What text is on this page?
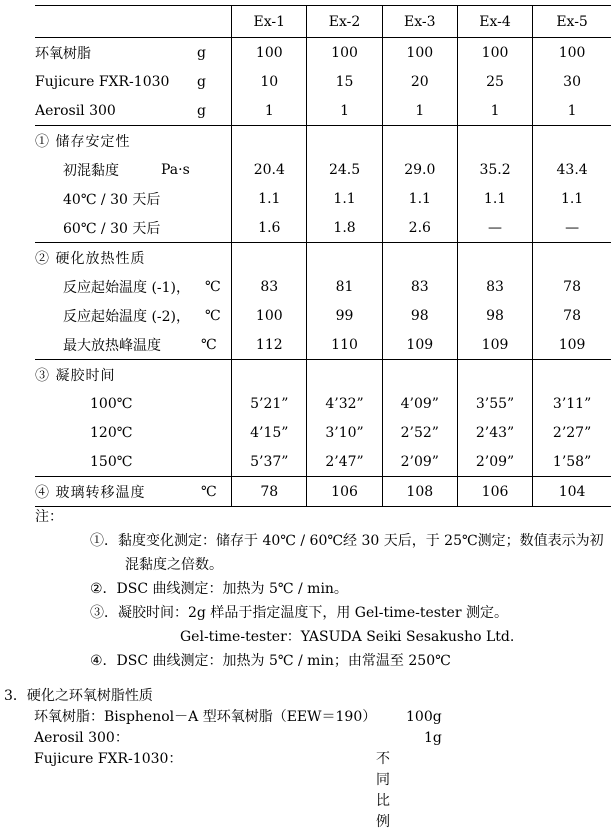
	Ex-1	Ex-2	Ex-3	Ex-4	Ex-5
环氧树脂 g	100	100	100	100	100
Fujicure FXR-1030 g	10	15	20	25	30
Aerosil 300 g	1	1	1	1	1
① 储存安定性					
初混黏度 Pa·s	20.4	24.5	29.0	35.2	43.4
40℃ / 30 天后	1.1	1.1	1.1	1.1	1.1
60℃ / 30 天后	1.6	1.8	2.6	—	—
② 硬化放热性质					
反应起始温度 (-1)， ℃	83	81	83	83	78
反应起始温度 (-2)， ℃	100	99	98	98	78
最大放热峰温度 ℃	112	110	109	109	109
③ 凝胶时间					
100℃	5’21”	4’32”	4’09”	3’55”	3’11”
120℃	4’15”	3’10”	2’52”	2’43”	2’27”
150℃	5’37”	2’47”	2’09”	2’09”	1’58”
④ 玻璃转移温度 ℃	78	106	108	106	104
注：
①．黏度变化测定：储存于 40℃ / 60℃经 30 天后，于 25℃测定；数值表示为初
混黏度之倍数。
②．DSC 曲线测定：加热为 5℃ / min。
③．凝胶时间：2g 样品于指定温度下，用 Gel-time-tester 测定。
Gel-time-tester：YASUDA Seiki Sesakusho Ltd.
④．DSC 曲线测定：加热为 5℃ / min；由常温至 250℃
3．硬化之环氧树脂性质
环氧树脂：Bisphenol－A 型环氧树脂（EEW＝190） 100g
Aerosil 300：	1g
Fujicure FXR-1030：	不同比例
